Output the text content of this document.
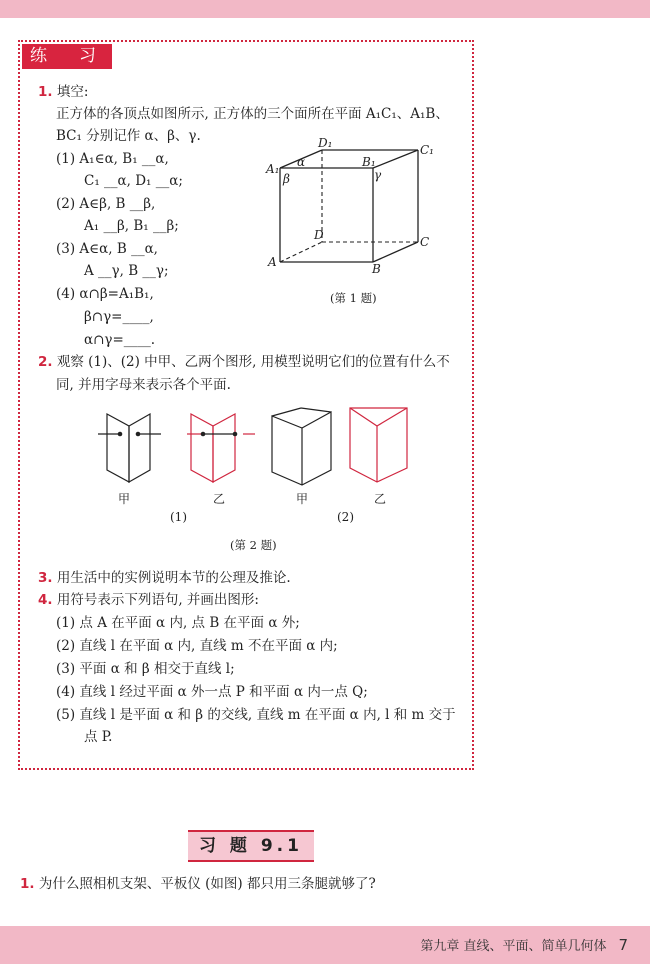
练 习
1. 填空:
正方体的各顶点如图所示, 正方体的三个面所在平面 A₁C₁、A₁B、
BC₁ 分别记作 α、β、γ.
(1) A₁∈α, B₁ __α,
C₁ __α, D₁ __α;
(2) A∈β, B __β,
A₁ __β, B₁ __β;
(3) A∈α, B __α,
A __γ, B __γ;
(4) α∩β=A₁B₁,
β∩γ=____,
α∩γ=____.
D₁	C₁
A₁	B₁
α
β	γ
D	C
A	B
(第 1 题)
2. 观察 (1)、(2) 中甲、乙两个图形, 用模型说明它们的位置有什么不
同, 并用字母来表示各个平面.
甲	乙	甲	乙
(1)	(2)
(第 2 题)
3. 用生活中的实例说明本节的公理及推论.
4. 用符号表示下列语句, 并画出图形:
(1) 点 A 在平面 α 内, 点 B 在平面 α 外;
(2) 直线 l 在平面 α 内, 直线 m 不在平面 α 内;
(3) 平面 α 和 β 相交于直线 l;
(4) 直线 l 经过平面 α 外一点 P 和平面 α 内一点 Q;
(5) 直线 l 是平面 α 和 β 的交线, 直线 m 在平面 α 内, l 和 m 交于
点 P.
习 题 9.1
1. 为什么照相机支架、平板仪 (如图) 都只用三条腿就够了?
第九章 直线、平面、简单几何体 7
